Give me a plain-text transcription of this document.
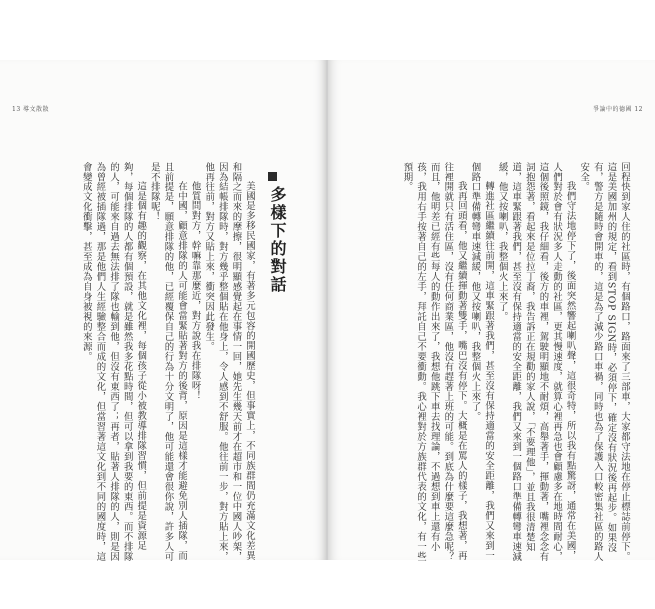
13 導文散散
多樣下的對話

美國是多移民國家，有著多元包容的開國歷史，但事實上，不同族群間仍充滿文化差異和隔之而來的摩擦，很明顯感覺起在事情一回，她先生幾天前才在超市和一位中國人吵架，因為結帳排隊時，對方幾乎整個貼在他身上，令人感到不舒服。他往前一步，對方貼上來，他再往前，對方又貼上來，衝突因此發生。

他質問對方，幹嘛靠那麼近，對方說我在排隊呀！

在中國，顧意排隊的人可能會當緊貼著對方的後背，原因是這樣才能避免別人插隊，而且前提是，願意排隊的他，已經覆保自己的行為十分文明了，他可能還會很你說，許多人可是不排隊呢！

這是個有趣的觀察，在其他文化裡，每個孩子從小被教導排隊習慣，但前提是資源足夠，每個排隊的人都有個預設，就是雖然我多花點時間，但可以拿到我要的東西。而不排隊的人，可能來自過去無法排了隊也輸到他，但沒有東西了；再者，貼著人排隊的人，則是因為曾經被插隊過，那是他們人生經驗整合而成的文化，但當習著這文化到不同的國度時，這會變成文化衝擊，甚至成為自身被視的來源。

爭論中的德國 12

回程快到家人住的社區時，有個路口，路面來了三部車，大家都守法地在停止標誌前停下。這是美國加州的規定，看到STOP SIGN時，必須停下，確定沒有狀況後再起步。如果沒有，警方是隨時會開車的，這是為了減少路口車禍，同時也為了保護入口較密集社區的路人安全。

我們守法地停下了，後面突然響起喇叭聲，這很奇特，所以我有點驚訝，通常在美國，人們對於會有狀況多人走動的社區，更其慢速度，就算心裡再急也會顧慮多在地時間耐心，這個後照鏡，我仔細看，後方的車裡，駕駛明顯地不耐煩，高舉著手，揮動著，嘴裡念念有詞抱怨著，看起來是位拉丁裔，我告訴正在規勸的家人說，「不要理他」，並且我很清楚知道，這車緊跟著我們，甚至沒有保持適當的安全距離，我們又來到一個路口準備轉彎車速減緩，他又按喇叭，我整個火上來了。

轉進社區繼續往前開，這車緊跟著我們，甚至沒有保持適當的安全距離，我們又來到一個路口準備轉彎車速減緩，他又按喇叭，我整個火上來了。

我再回頭看，他又繼續揮動著雙手，嘴巴沒有停下。大概是在罵人的樣子，我想著，再往裡開就只有活住區，沒有任何商業區，他沒有趕著上班的可能。到底為什麼要這麼急呢？而且，他明差已經有些每人的動作出來了，我想他跳下車去找理論，不過想到車上還有小孩，我用右手按著自己的左手，拜託自己不要衝動。我心裡對於方族群代表的文化，有一些預期。
